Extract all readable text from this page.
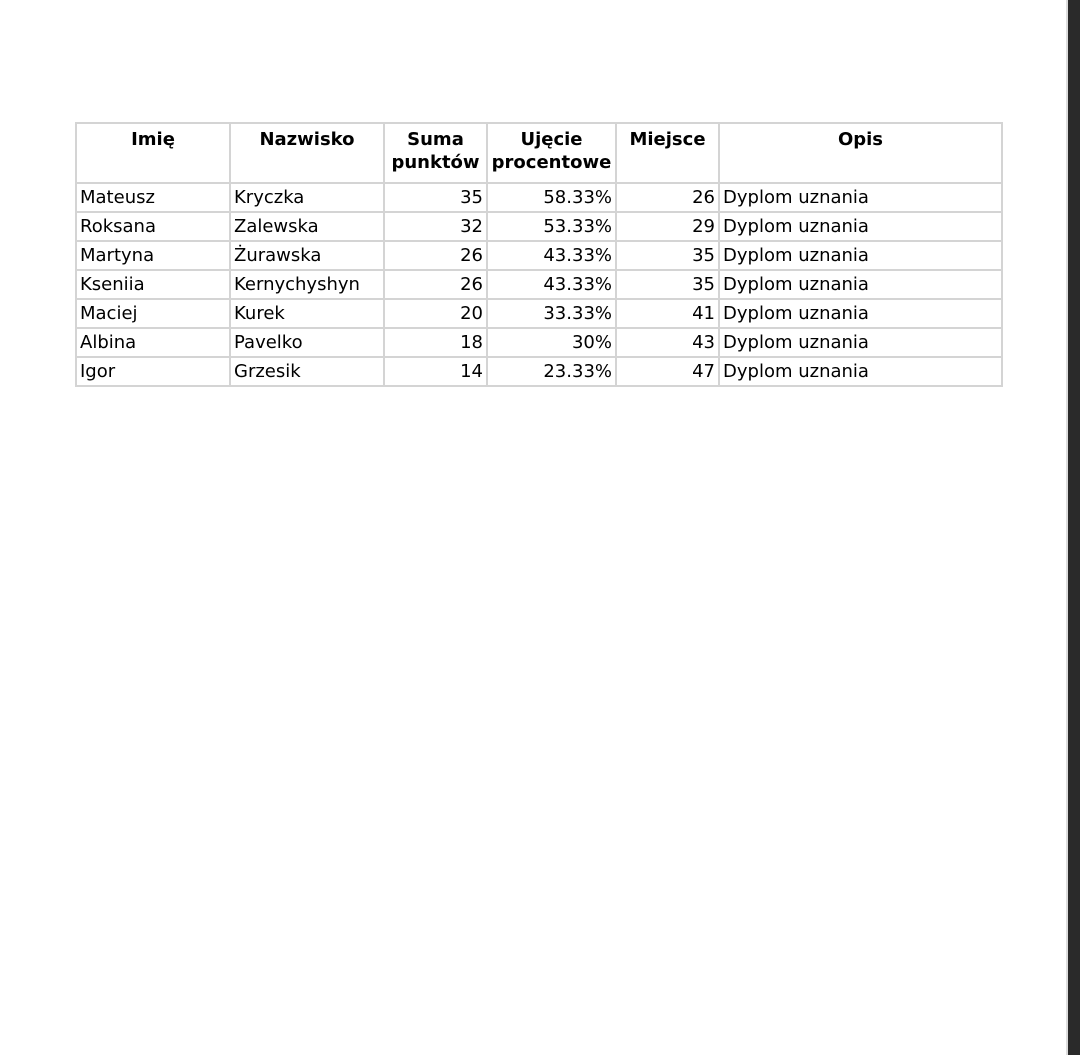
Imię	Nazwisko	Suma punktów	Ujęcie procentowe	Miejsce	Opis
Mateusz	Kryczka	35	58.33%	26	Dyplom uznania
Roksana	Zalewska	32	53.33%	29	Dyplom uznania
Martyna	Żurawska	26	43.33%	35	Dyplom uznania
Kseniia	Kernychyshyn	26	43.33%	35	Dyplom uznania
Maciej	Kurek	20	33.33%	41	Dyplom uznania
Albina	Pavelko	18	30%	43	Dyplom uznania
Igor	Grzesik	14	23.33%	47	Dyplom uznania
